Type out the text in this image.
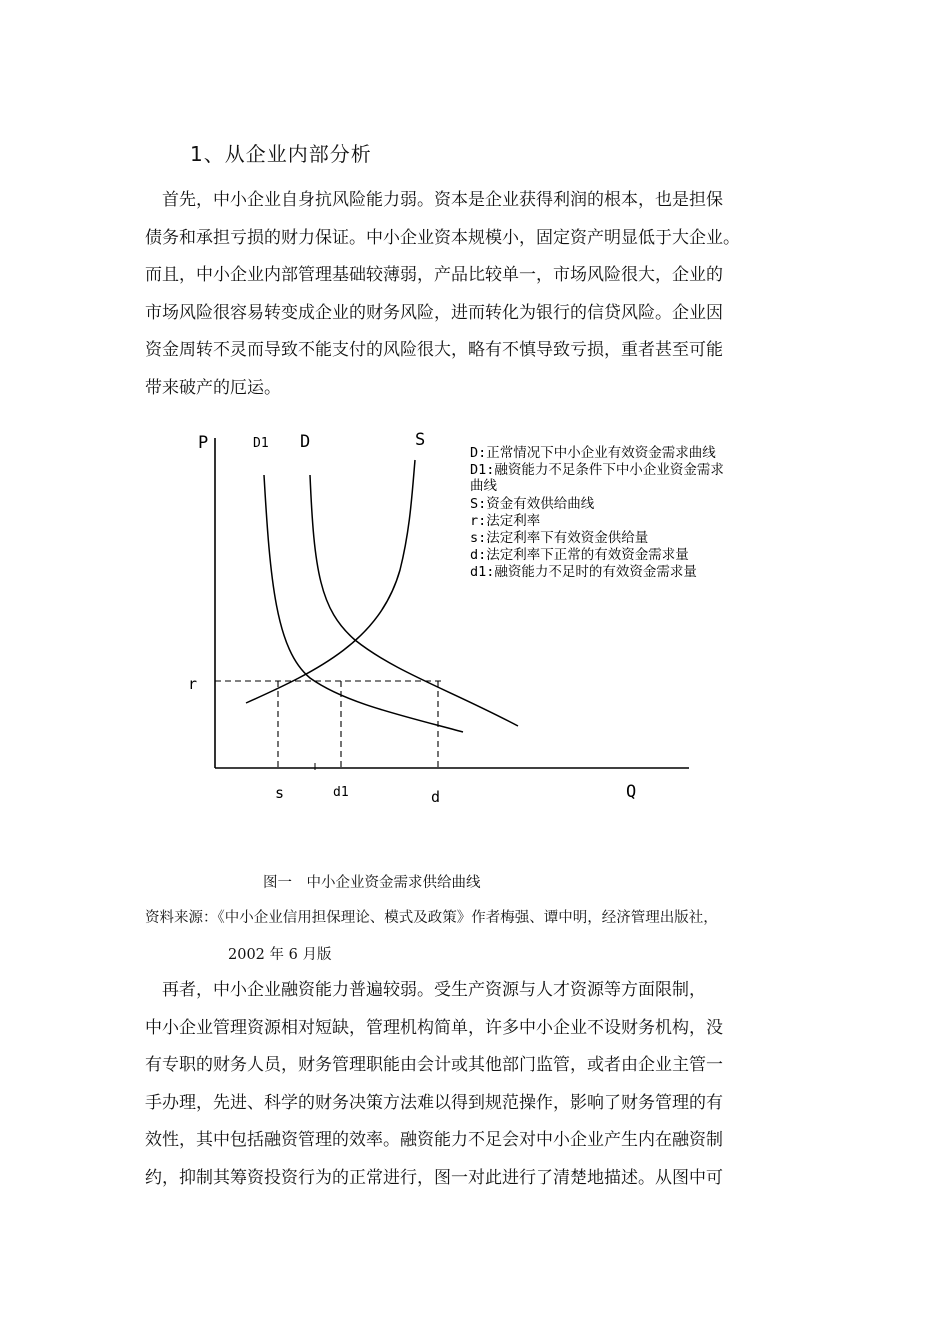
1、从企业内部分析
　首先，中小企业自身抗风险能力弱。资本是企业获得利润的根本，也是担保
债务和承担亏损的财力保证。中小企业资本规模小，固定资产明显低于大企业。
而且，中小企业内部管理基础较薄弱，产品比较单一，市场风险很大，企业的
市场风险很容易转变成企业的财务风险，进而转化为银行的信贷风险。企业因
资金周转不灵而导致不能支付的风险很大，略有不慎导致亏损，重者甚至可能
带来破产的厄运。
P	D1 D	S
r
s	d1	d	Q
D:正常情况下中小企业有效资金需求曲线
D1:融资能力不足条件下中小企业资金需求
曲线
S:资金有效供给曲线
r:法定利率
s:法定利率下有效资金供给量
d:法定利率下正常的有效资金需求量
d1:融资能力不足时的有效资金需求量
图一　中小企业资金需求供给曲线
资料来源：《中小企业信用担保理论、模式及政策》作者梅强、谭中明，经济管理出版社，
2002 年 6 月版
　再者，中小企业融资能力普遍较弱。受生产资源与人才资源等方面限制，
中小企业管理资源相对短缺，管理机构简单，许多中小企业不设财务机构，没
有专职的财务人员，财务管理职能由会计或其他部门监管，或者由企业主管一
手办理，先进、科学的财务决策方法难以得到规范操作，影响了财务管理的有
效性，其中包括融资管理的效率。融资能力不足会对中小企业产生内在融资制
约，抑制其筹资投资行为的正常进行，图一对此进行了清楚地描述。从图中可
